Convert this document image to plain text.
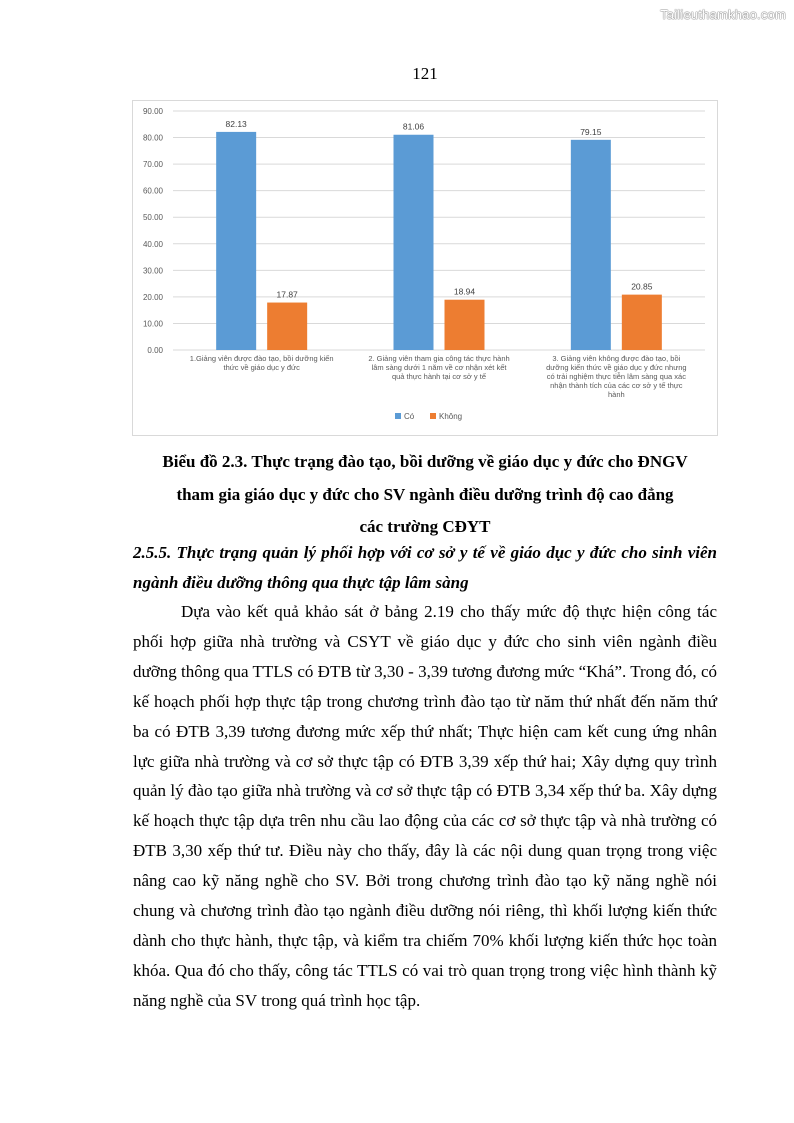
Tailieuthamkhao.com
121
0.00
10.00
20.00
30.00
40.00
50.00
60.00
70.00
80.00
90.00
82.13	81.06
79.15
17.87	18.94
20.85
1.Giảng viên được đào tạo, bồi dưỡng kiến
thức về giáo dục y đức
2. Giảng viên tham gia công tác thực hành
lâm sàng dưới 1 năm về cơ nhận xét kết
quả thực hành tại cơ sở y tế
3. Giảng viên không được đào tạo, bồi
dưỡng kiến thức về giáo dục y đức nhưng
có trải nghiệm thực tiễn lâm sàng qua xác
nhận thành tích của các cơ sở y tế thực
hành
Có	Không
Biểu đồ 2.3. Thực trạng đào tạo, bồi dưỡng về giáo dục y đức cho ĐNGV
tham gia giáo dục y đức cho SV ngành điều dưỡng trình độ cao đẳng
các trường CĐYT
2.5.5. Thực trạng quản lý phối hợp với cơ sở y tế về giáo dục y đức cho sinh viên ngành điều dưỡng thông qua thực tập lâm sàng

Dựa vào kết quả khảo sát ở bảng 2.19 cho thấy mức độ thực hiện công tác phối hợp giữa nhà trường và CSYT về giáo dục y đức cho sinh viên ngành điều dưỡng thông qua TTLS có ĐTB từ 3,30 - 3,39 tương đương mức “Khá”. Trong đó, có kế hoạch phối hợp thực tập trong chương trình đào tạo từ năm thứ nhất đến năm thứ ba có ĐTB 3,39 tương đương mức xếp thứ nhất; Thực hiện cam kết cung ứng nhân lực giữa nhà trường và cơ sở thực tập có ĐTB 3,39 xếp thứ hai; Xây dựng quy trình quản lý đào tạo giữa nhà trường và cơ sở thực tập có ĐTB 3,34 xếp thứ ba. Xây dựng kế hoạch thực tập dựa trên nhu cầu lao động của các cơ sở thực tập và nhà trường có ĐTB 3,30 xếp thứ tư. Điều này cho thấy, đây là các nội dung quan trọng trong việc nâng cao kỹ năng nghề cho SV. Bởi trong chương trình đào tạo kỹ năng nghề nói chung và chương trình đào tạo ngành điều dưỡng nói riêng, thì khối lượng kiến thức dành cho thực hành, thực tập, và kiểm tra chiếm 70% khối lượng kiến thức học toàn khóa. Qua đó cho thấy, công tác TTLS có vai trò quan trọng trong việc hình thành kỹ năng nghề của SV trong quá trình học tập.
